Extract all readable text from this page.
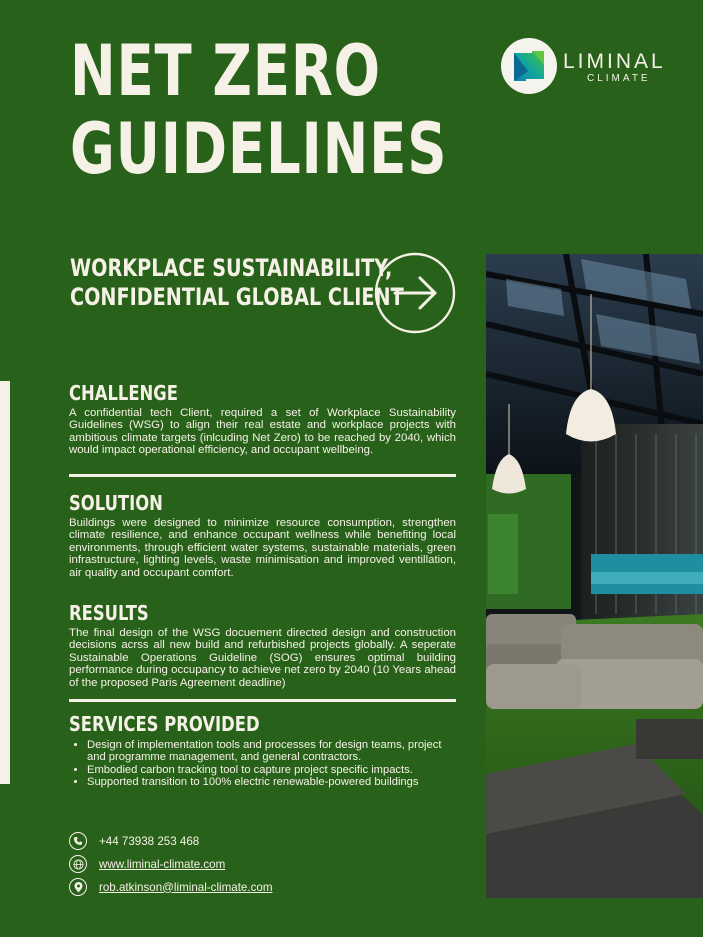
NET ZERO
GUIDELINES
LIMINAL
CLIMATE
WORKPLACE SUSTAINABILITY,
CONFIDENTIAL GLOBAL CLIENT
CHALLENGE

A confidential tech Client, required a set of Workplace Sustainability Guidelines (WSG) to align their real estate and workplace projects with ambitious climate targets (inlcuding Net Zero) to be reached by 2040, which would impact operational efficiency, and occupant wellbeing.

SOLUTION

Buildings were designed to minimize resource consumption, strengthen climate resilience, and enhance occupant wellness while benefiting local environments, through efficient water systems, sustainable materials, green infrastructure, lighting levels, waste minimisation and improved ventillation, air quality and occupant comfort.

RESULTS

The final design of the WSG docuement directed design and construction decisions acrss all new build and refurbished projects globally. A seperate Sustainable Operations Guideline (SOG) ensures optimal building performance during occupancy to achieve net zero by 2040 (10 Years ahead of the proposed Paris Agreement deadline)

SERVICES PROVIDED
• Design of implementation tools and processes for design teams, project and programme management, and general contractors.
• Embodied carbon tracking tool to capture project specific impacts.
• Supported transition to 100% electric renewable-powered buildings
+44 73938 253 468
www.liminal-climate.com
rob.atkinson@liminal-climate.com
